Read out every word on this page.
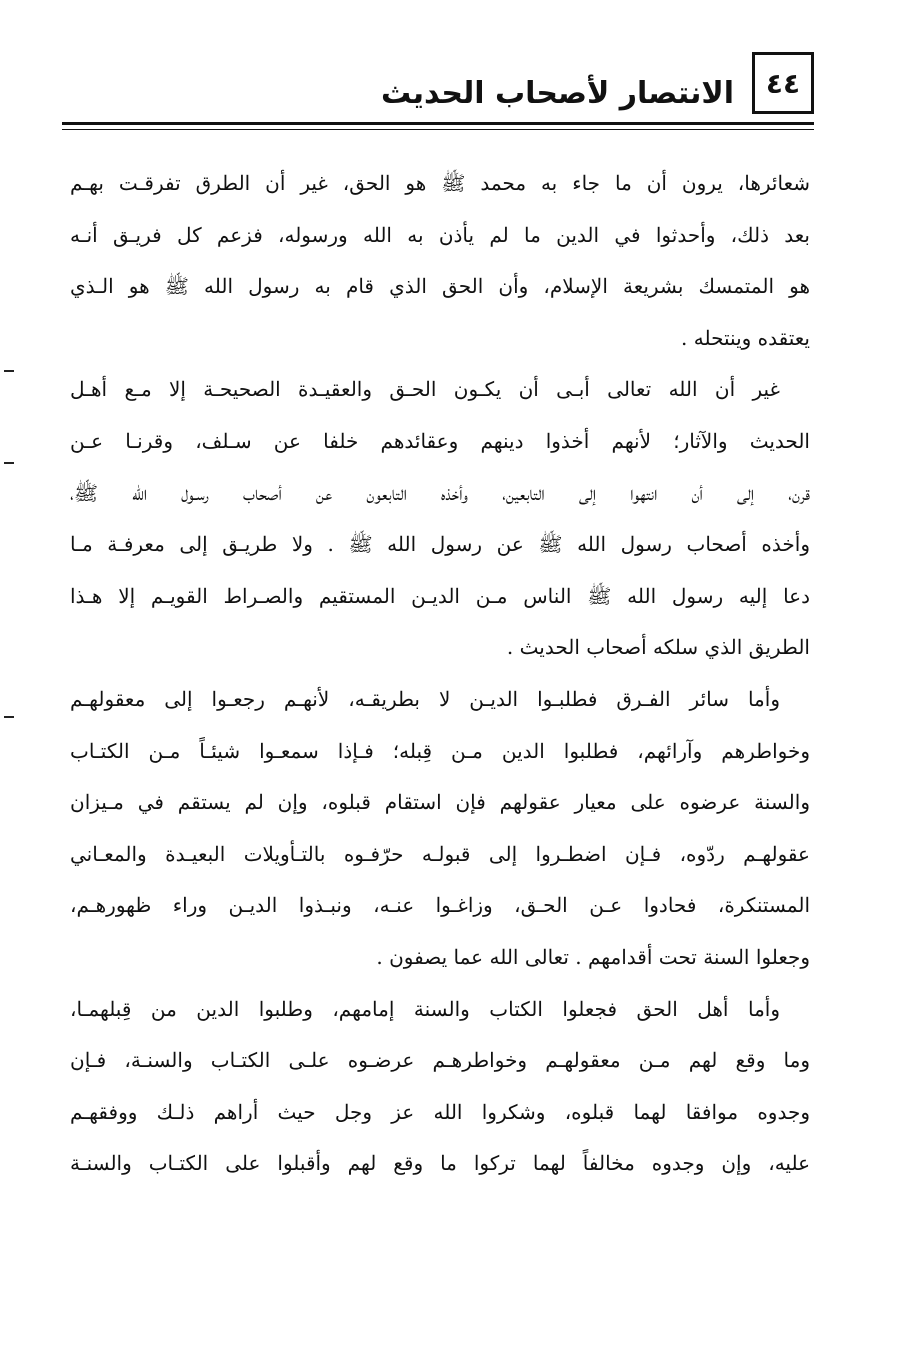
٤٤
الانتصار لأصحاب الحديث
شعائرها، يرون أن ما جاء به محمد ﷺ هو الحق، غير أن الطرق تفرقـت بهـم
بعد ذلك، وأحدثوا في الدين ما لم يأذن به الله ورسوله، فزعم كل فريـق أنـه
هو المتمسك بشريعة الإسلام، وأن الحق الذي قام به رسول الله ﷺ هو الـذي
يعتقده وينتحله .
غير أن الله تعالى أبـى أن يكـون الحـق والعقيـدة الصحيحـة إلا مـع أهـل
الحديث والآثار؛ لأنهم أخذوا دينهم وعقائدهم خلفا عن سـلف، وقرنـا عـن
قرن، إلى أن انتهوا إلى التابعين، وأخذه التابعون عن أصحاب رسـول الله ﷺ،
وأخذه أصحاب رسول الله ﷺ عن رسول الله ﷺ . ولا طريـق إلى معرفـة مـا
دعا إليه رسول الله ﷺ الناس مـن الديـن المستقيم والصـراط القويـم إلا هـذا
الطريق الذي سلكه أصحاب الحديث .
وأما سائر الفـرق فطلبـوا الديـن لا بطريقـه، لأنهـم رجعـوا إلى معقولهـم
وخواطرهم وآرائهم، فطلبوا الدين مـن قِبله؛ فـإذا سمعـوا شيئـاً مـن الكتـاب
والسنة عرضوه على معيار عقولهم فإن استقام قبلوه، وإن لم يستقم في مـيزان
عقولهـم ردّوه، فـإن اضطـروا إلى قبولـه حرّفـوه بالتـأويلات البعيـدة والمعـاني
المستنكرة، فحادوا عـن الحـق، وزاغـوا عنـه، ونبـذوا الديـن وراء ظهورهـم،
وجعلوا السنة تحت أقدامهم . تعالى الله عما يصفون .
وأما أهل الحق فجعلوا الكتاب والسنة إمامهم، وطلبوا الدين من قِبلهمـا،
وما وقع لهم مـن معقولهـم وخواطرهـم عرضـوه علـى الكتـاب والسنـة، فـإن
وجدوه موافقا لهما قبلوه، وشكروا الله عز وجل حيث أراهم ذلـك ووفقهـم
عليه، وإن وجدوه مخالفاً لهما تركوا ما وقع لهم وأقبلوا على الكتـاب والسنـة
